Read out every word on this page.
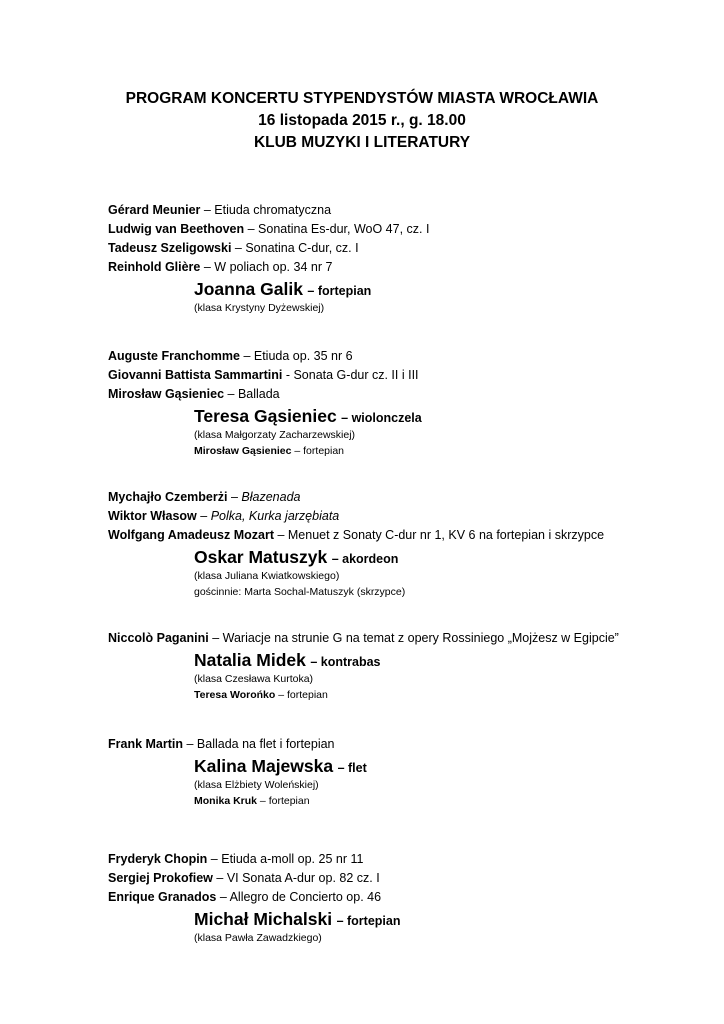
PROGRAM KONCERTU STYPENDYSTÓW MIASTA WROCŁAWIA
16 listopada 2015 r., g. 18.00
KLUB MUZYKI I LITERATURY
Gérard Meunier – Etiuda chromatyczna
Ludwig van Beethoven – Sonatina Es-dur, WoO 47, cz. I
Tadeusz Szeligowski – Sonatina C-dur, cz. I
Reinhold Glière – W poliach op. 34 nr 7
Joanna Galik – fortepian
(klasa Krystyny Dyżewskiej)
Auguste Franchomme – Etiuda op. 35 nr 6
Giovanni Battista Sammartini - Sonata G-dur cz. II i III
Mirosław Gąsieniec – Ballada
Teresa Gąsieniec – wiolonczela
(klasa Małgorzaty Zacharzewskiej)
Mirosław Gąsieniec – fortepian
Mychajło Czemberżi – Błazenada
Wiktor Własow – Polka, Kurka jarzębiata
Wolfgang Amadeusz Mozart – Menuet z Sonaty C-dur nr 1, KV 6 na fortepian i skrzypce
Oskar Matuszyk – akordeon
(klasa Juliana Kwiatkowskiego)
gościnnie: Marta Sochal-Matuszyk (skrzypce)
Niccolò Paganini – Wariacje na strunie G na temat z opery Rossiniego „Mojżesz w Egipcie”
Natalia Midek – kontrabas
(klasa Czesława Kurtoka)
Teresa Worońko – fortepian
Frank Martin – Ballada na flet i fortepian
Kalina Majewska – flet
(klasa Elżbiety Woleńskiej)
Monika Kruk – fortepian
Fryderyk Chopin – Etiuda a-moll op. 25 nr 11
Sergiej Prokofiew – VI Sonata A-dur op. 82 cz. I
Enrique Granados – Allegro de Concierto op. 46
Michał Michalski – fortepian
(klasa Pawła Zawadzkiego)
